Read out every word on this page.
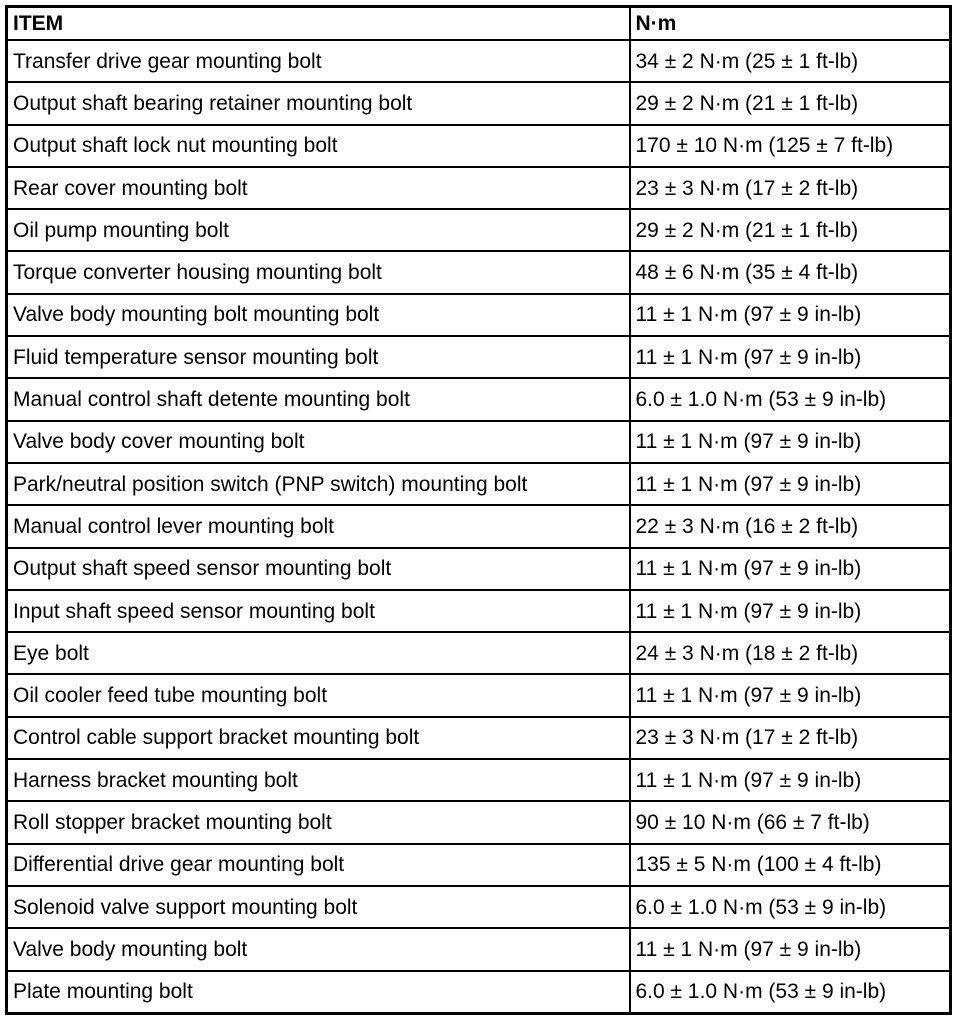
ITEM	N·m
Transfer drive gear mounting bolt	34 ± 2 N·m (25 ± 1 ft-lb)
Output shaft bearing retainer mounting bolt	29 ± 2 N·m (21 ± 1 ft-lb)
Output shaft lock nut mounting bolt	170 ± 10 N·m (125 ± 7 ft-lb)
Rear cover mounting bolt	23 ± 3 N·m (17 ± 2 ft-lb)
Oil pump mounting bolt	29 ± 2 N·m (21 ± 1 ft-lb)
Torque converter housing mounting bolt	48 ± 6 N·m (35 ± 4 ft-lb)
Valve body mounting bolt mounting bolt	11 ± 1 N·m (97 ± 9 in-lb)
Fluid temperature sensor mounting bolt	11 ± 1 N·m (97 ± 9 in-lb)
Manual control shaft detente mounting bolt	6.0 ± 1.0 N·m (53 ± 9 in-lb)
Valve body cover mounting bolt	11 ± 1 N·m (97 ± 9 in-lb)
Park/neutral position switch (PNP switch) mounting bolt	11 ± 1 N·m (97 ± 9 in-lb)
Manual control lever mounting bolt	22 ± 3 N·m (16 ± 2 ft-lb)
Output shaft speed sensor mounting bolt	11 ± 1 N·m (97 ± 9 in-lb)
Input shaft speed sensor mounting bolt	11 ± 1 N·m (97 ± 9 in-lb)
Eye bolt	24 ± 3 N·m (18 ± 2 ft-lb)
Oil cooler feed tube mounting bolt	11 ± 1 N·m (97 ± 9 in-lb)
Control cable support bracket mounting bolt	23 ± 3 N·m (17 ± 2 ft-lb)
Harness bracket mounting bolt	11 ± 1 N·m (97 ± 9 in-lb)
Roll stopper bracket mounting bolt	90 ± 10 N·m (66 ± 7 ft-lb)
Differential drive gear mounting bolt	135 ± 5 N·m (100 ± 4 ft-lb)
Solenoid valve support mounting bolt	6.0 ± 1.0 N·m (53 ± 9 in-lb)
Valve body mounting bolt	11 ± 1 N·m (97 ± 9 in-lb)
Plate mounting bolt	6.0 ± 1.0 N·m (53 ± 9 in-lb)
